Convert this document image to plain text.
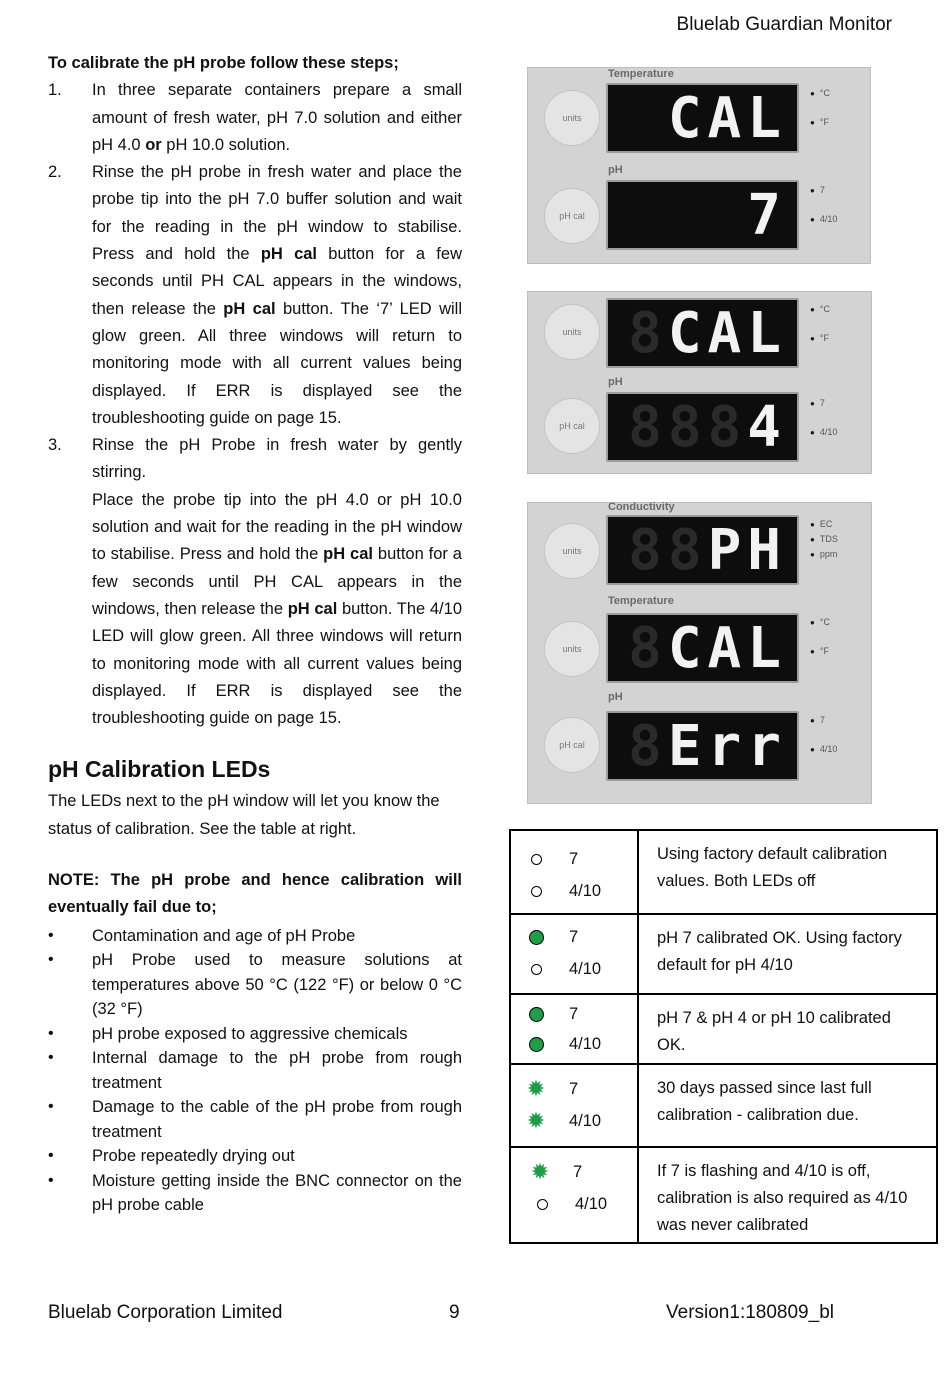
Bluelab Guardian Monitor

To calibrate the pH probe follow these steps;

1. In three separate containers prepare a small amount of fresh water, pH 7.0 solution and either pH 4.0 or pH 10.0 solution.

2. Rinse the pH probe in fresh water and place the probe tip into the pH 7.0 buffer solution and wait for the reading in the pH window to stabilise. Press and hold the pH cal button for a few seconds until PH CAL appears in the windows, then release the pH cal button. The ‘7’ LED will glow green. All three windows will return to monitoring mode with all current values being displayed. If ERR is displayed see the troubleshooting guide on page 15.

3. Rinse the pH Probe in fresh water by gently stirring.

Place the probe tip into the pH 4.0 or pH 10.0 solution and wait for the reading in the pH window to stabilise. Press and hold the pH cal button for a few seconds until PH CAL appears in the windows, then release the pH cal button. The 4/10 LED will glow green. All three windows will return to monitoring mode with all current values being displayed. If ERR is displayed see the troubleshooting guide on page 15.

pH Calibration LEDs

The LEDs next to the pH window will let you know the status of calibration. See the table at right.

NOTE: The pH probe and hence calibration will eventually fail due to;

• Contamination and age of pH Probe
• pH Probe used to measure solutions at temperatures above 50 °C (122 °F) or below 0 °C (32 °F)
• pH probe exposed to aggressive chemicals
• Internal damage to the pH probe from rough treatment
• Damage to the cable of the pH probe from rough treatment
• Probe repeatedly drying out
• Moisture getting inside the BNC connector on the pH probe cable
Temperature
units	CAL	● °C

● °F
pH
pH cal	7	● 7

● 4/10
units 8 CAL	● °C

● °F
pH
pH cal 888 4	● 7

● 4/10
Conductivity
units 88 PH	● EC
● TDS
● ppm
Temperature
units 8 CAL	● °C

● °F
pH
pH cal 8 Err	● 7

● 4/10
7
4/10	Using factory default calibration values. Both LEDs off

7
4/10	pH 7 calibrated OK. Using factory default for pH 4/10

7
4/10	pH 7 & pH 4 or pH 10 calibrated OK.

✹ 7
✹ 4/10	30 days passed since last full calibration - calibration due.

✹ 7
4/10	If 7 is flashing and 4/10 is off, calibration is also required as 4/10 was never calibrated
Bluelab Corporation Limited	9	Version1:180809_bl
